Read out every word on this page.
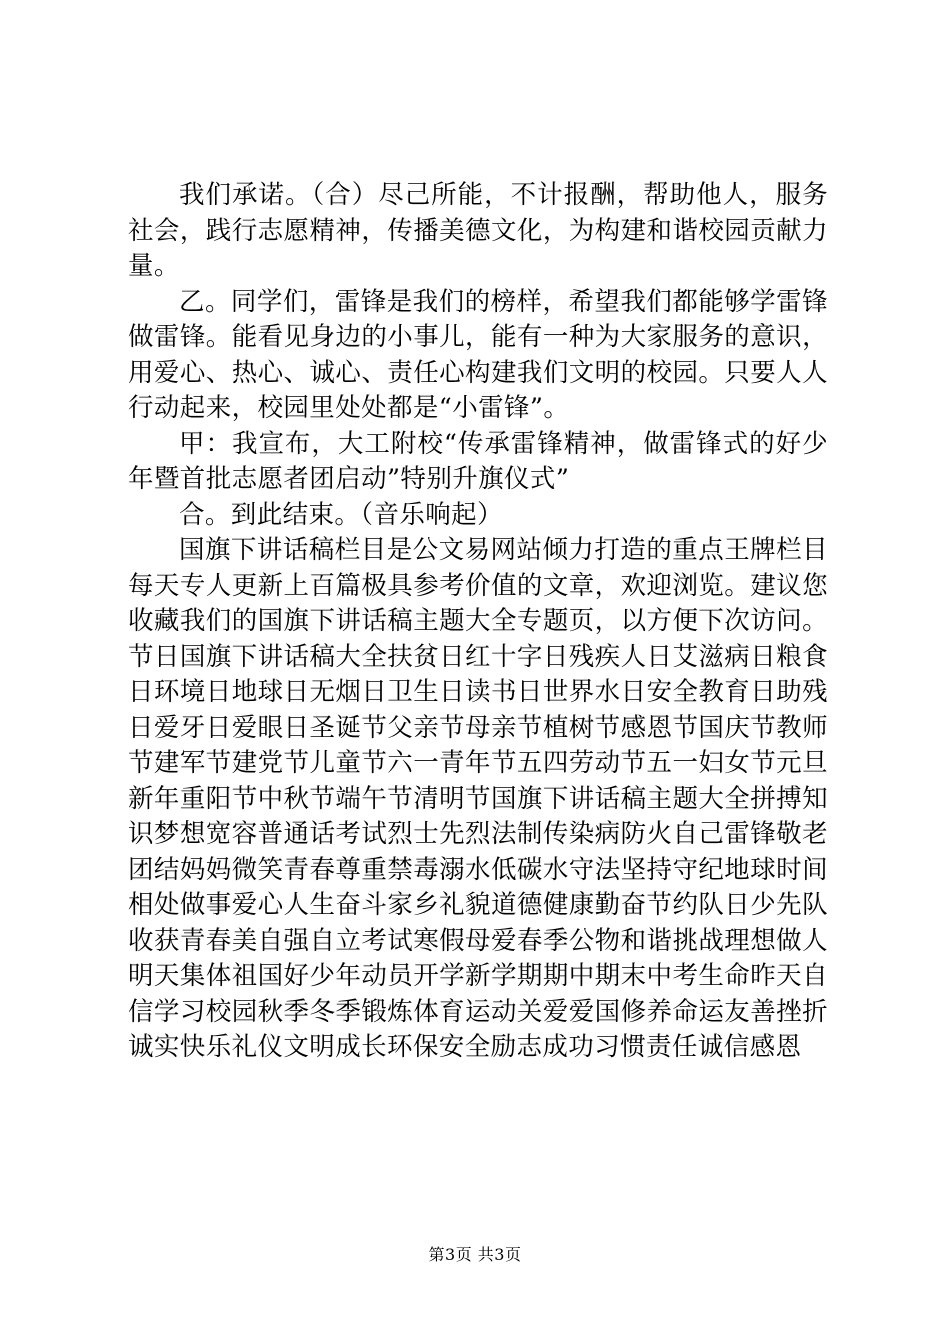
我们承诺。（合）尽己所能，不计报酬，帮助他人，服务社会，践行志愿精神，传播美德文化，为构建和谐校园贡献力量。

乙。同学们，雷锋是我们的榜样，希望我们都能够学雷锋做雷锋。能看见身边的小事儿，能有一种为大家服务的意识，用爱心、热心、诚心、责任心构建我们文明的校园。只要人人行动起来，校园里处处都是“小雷锋”。

甲：我宣布，大工附校“传承雷锋精神，做雷锋式的好少年暨首批志愿者团启动”特别升旗仪式”

合。到此结束。（音乐响起）

国旗下讲话稿栏目是公文易网站倾力打造的重点王牌栏目每天专人更新上百篇极具参考价值的文章，欢迎浏览。建议您收藏我们的国旗下讲话稿主题大全专题页，以方便下次访问。节日国旗下讲话稿大全扶贫日红十字日残疾人日艾滋病日粮食日环境日地球日无烟日卫生日读书日世界水日安全教育日助残日爱牙日爱眼日圣诞节父亲节母亲节植树节感恩节国庆节教师节建军节建党节儿童节六一青年节五四劳动节五一妇女节元旦新年重阳节中秋节端午节清明节国旗下讲话稿主题大全拼搏知识梦想宽容普通话考试烈士先烈法制传染病防火自己雷锋敬老团结妈妈微笑青春尊重禁毒溺水低碳水守法坚持守纪地球时间相处做事爱心人生奋斗家乡礼貌道德健康勤奋节约队日少先队收获青春美自强自立考试寒假母爱春季公物和谐挑战理想做人明天集体祖国好少年动员开学新学期期中期末中考生命昨天自信学习校园秋季冬季锻炼体育运动关爱爱国修养命运友善挫折诚实快乐礼仪文明成长环保安全励志成功习惯责任诚信感恩

第3页 共3页
